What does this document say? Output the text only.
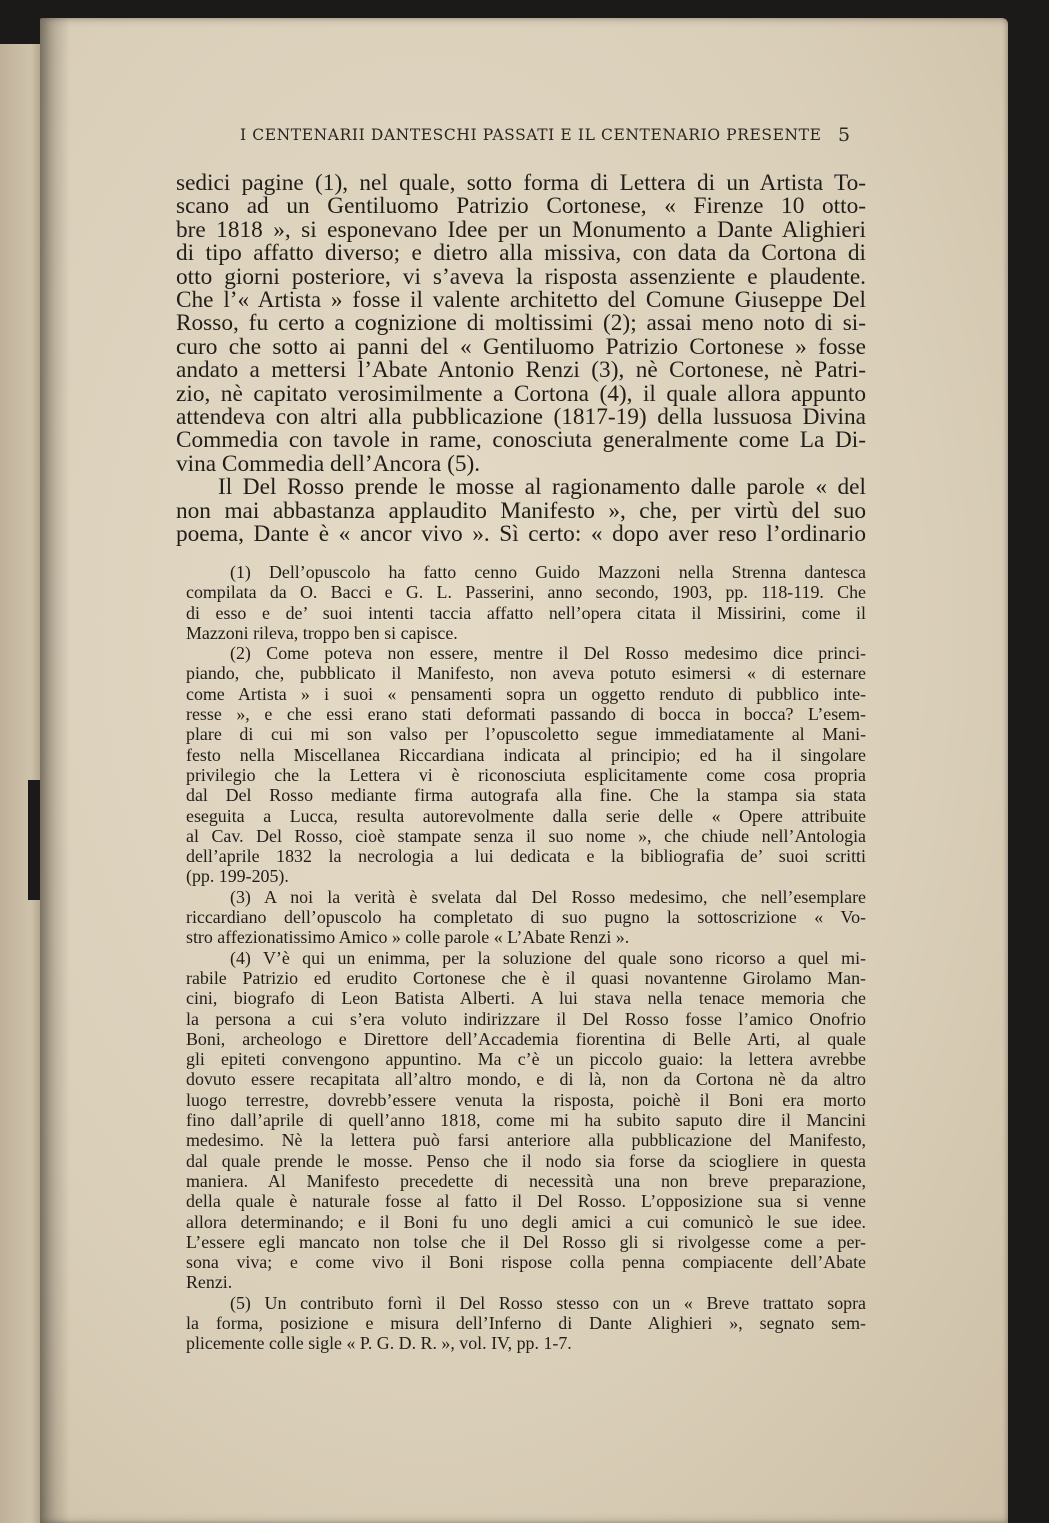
I CENTENARII DANTESCHI PASSATI E IL CENTENARIO PRESENTE 5
sedici pagine (1), nel quale, sotto forma di Lettera di un Artista To-
scano ad un Gentiluomo Patrizio Cortonese, « Firenze 10 otto-
bre 1818 », si esponevano Idee per un Monumento a Dante Alighieri
di tipo affatto diverso; e dietro alla missiva, con data da Cortona di
otto giorni posteriore, vi s’aveva la risposta assenziente e plaudente.
Che l’« Artista » fosse il valente architetto del Comune Giuseppe Del
Rosso, fu certo a cognizione di moltissimi (2); assai meno noto di si-
curo che sotto ai panni del « Gentiluomo Patrizio Cortonese » fosse
andato a mettersi l’Abate Antonio Renzi (3), nè Cortonese, nè Patri-
zio, nè capitato verosimilmente a Cortona (4), il quale allora appunto
attendeva con altri alla pubblicazione (1817-19) della lussuosa Divina
Commedia con tavole in rame, conosciuta generalmente come La Di-
vina Commedia dell’Ancora (5).
Il Del Rosso prende le mosse al ragionamento dalle parole « del
non mai abbastanza applaudito Manifesto », che, per virtù del suo
poema, Dante è « ancor vivo ». Sì certo: « dopo aver reso l’ordinario
(1) Dell’opuscolo ha fatto cenno Guido Mazzoni nella Strenna dantesca
compilata da O. Bacci e G. L. Passerini, anno secondo, 1903, pp. 118-119. Che
di esso e de’ suoi intenti taccia affatto nell’opera citata il Missirini, come il
Mazzoni rileva, troppo ben si capisce.
(2) Come poteva non essere, mentre il Del Rosso medesimo dice princi-
piando, che, pubblicato il Manifesto, non aveva potuto esimersi « di esternare
come Artista » i suoi « pensamenti sopra un oggetto renduto di pubblico inte-
resse », e che essi erano stati deformati passando di bocca in bocca? L’esem-
plare di cui mi son valso per l’opuscoletto segue immediatamente al Mani-
festo nella Miscellanea Riccardiana indicata al principio; ed ha il singolare
privilegio che la Lettera vi è riconosciuta esplicitamente come cosa propria
dal Del Rosso mediante firma autografa alla fine. Che la stampa sia stata
eseguita a Lucca, resulta autorevolmente dalla serie delle « Opere attribuite
al Cav. Del Rosso, cioè stampate senza il suo nome », che chiude nell’Antologia
dell’aprile 1832 la necrologia a lui dedicata e la bibliografia de’ suoi scritti
(pp. 199-205).
(3) A noi la verità è svelata dal Del Rosso medesimo, che nell’esemplare
riccardiano dell’opuscolo ha completato di suo pugno la sottoscrizione « Vo-
stro affezionatissimo Amico » colle parole « L’Abate Renzi ».
(4) V’è qui un enimma, per la soluzione del quale sono ricorso a quel mi-
rabile Patrizio ed erudito Cortonese che è il quasi novantenne Girolamo Man-
cini, biografo di Leon Batista Alberti. A lui stava nella tenace memoria che
la persona a cui s’era voluto indirizzare il Del Rosso fosse l’amico Onofrio
Boni, archeologo e Direttore dell’Accademia fiorentina di Belle Arti, al quale
gli epiteti convengono appuntino. Ma c’è un piccolo guaio: la lettera avrebbe
dovuto essere recapitata all’altro mondo, e di là, non da Cortona nè da altro
luogo terrestre, dovrebb’essere venuta la risposta, poichè il Boni era morto
fino dall’aprile di quell’anno 1818, come mi ha subito saputo dire il Mancini
medesimo. Nè la lettera può farsi anteriore alla pubblicazione del Manifesto,
dal quale prende le mosse. Penso che il nodo sia forse da sciogliere in questa
maniera. Al Manifesto precedette di necessità una non breve preparazione,
della quale è naturale fosse al fatto il Del Rosso. L’opposizione sua si venne
allora determinando; e il Boni fu uno degli amici a cui comunicò le sue idee.
L’essere egli mancato non tolse che il Del Rosso gli si rivolgesse come a per-
sona viva; e come vivo il Boni rispose colla penna compiacente dell’Abate
Renzi.
(5) Un contributo fornì il Del Rosso stesso con un « Breve trattato sopra
la forma, posizione e misura dell’Inferno di Dante Alighieri », segnato sem-
plicemente colle sigle « P. G. D. R. », vol. IV, pp. 1-7.
